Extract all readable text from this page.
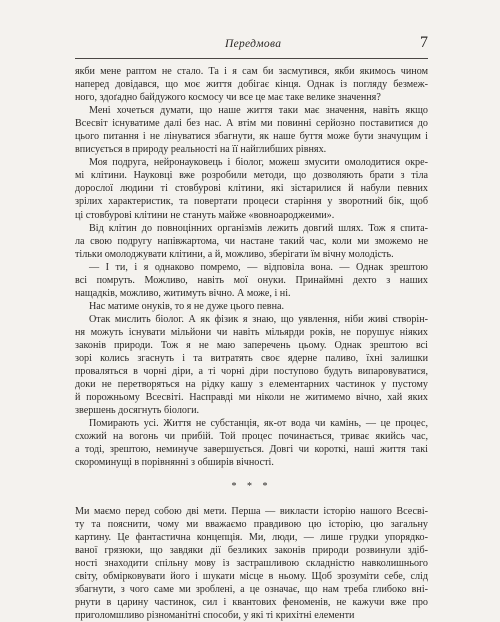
Передмова	7

якби мене раптом не стало. Та і я сам би засмутився, якби якимось чином
наперед довідався, що моє життя добігає кінця. Однак із погляду безмеж-
ного, здоґадно байдужого космосу чи все це має таке велике значення?

Мені хочеться думати, що наше життя таки має значення, навіть якщо
Всесвіт існуватиме далі без нас. А втім ми повинні серйозно поставитися до
цього питання і не лінуватися збагнути, як наше буття може бути значущим і
вписується в природу реальності на її найглибших рівнях.

Моя подруга, нейронауковець і біолог, можеш змусити омолодитися окре-
мі клітини. Науковці вже розробили методи, що дозволяють брати з тіла
дорослої людини ті стовбурові клітини, які зістарилися й набули певних
зрілих характеристик, та повертати процеси старіння у зворотний бік, щоб
ці стовбурові клітини не стануть майже «вовноароджеими».

Від клітин до повноцінних організмів лежить довгий шлях. Тож я спита-
ла свою подругу напівжартома, чи настане такий час, коли ми зможемо не
тільки омолоджувати клітини, а й, можливо, зберігати їм вічну молодість.

— І ти, і я однаково помремо, — відповіла вона. — Однак зрештою
всі помруть. Можливо, навіть мої онуки. Принаймні дехто з наших
нащадків, можливо, житимуть вічно. А може, і ні.

Нас матиме онуків, то я не дуже цього певна.

Отак мислить біолог. А як фізик я знаю, що уявлення, ніби живі створін-
ня можуть існувати мільйони чи навіть мільярди років, не порушує ніяких
законів природи. Тож я не маю заперечень цьому. Однак зрештою всі
зорі колись згаснуть і та витратять своє ядерне паливо, їхні залишки
проваляться в чорні діри, а ті чорні діри поступово будуть випаровуватися,
доки не перетворяться на рідку кашу з елементарних частинок у пустому
й порожньому Всесвіті. Насправді ми ніколи не житимемо вічно, хай яких
звершень досягнуть біологи.

Помирають усі. Життя не субстанція, як-от вода чи камінь, — це процес,
схожий на вогонь чи прибій. Той процес починається, триває якийсь час,
а тоді, зрештою, неминуче завершується. Довгі чи короткі, наші життя такі
скороминущі в порівнянні з обширів вічності.

* * *

Ми маємо перед собою дві мети. Перша — викласти історію нашого Всесві-
ту та пояснити, чому ми вважаємо правдивою цю історію, цю загальну
картину. Це фантастична концепція. Ми, люди, — лише грудки упорядко-
ваної грязюки, що завдяки дії безликих законів природи розвинули здіб-
ності знаходити спільну мову із застрашливою складністю навколишнього
світу, обмірковувати його і шукати місце в ньому. Щоб зрозуміти себе, слід
збагнути, з чого саме ми зроблені, а це означає, що нам треба глибоко вні-
рнути в царину частинок, сил і квантових феноменів, не кажучи вже про
приголомшливо різноманітні способи, у які ті крихітні елементи
